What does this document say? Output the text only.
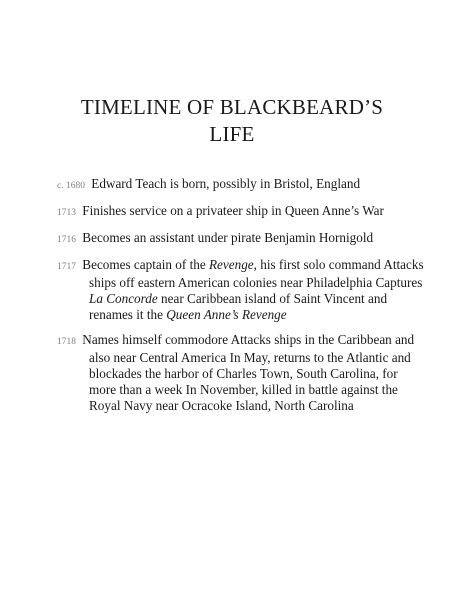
TIMELINE OF BLACKBEARD’S
LIFE
c. 1680 Edward Teach is born, possibly in Bristol, England
1713 Finishes service on a privateer ship in Queen Anne’s War
1716 Becomes an assistant under pirate Benjamin Hornigold
1717 Becomes captain of the Revenge, his first solo command Attacks ships off eastern American colonies near Philadelphia Captures La Concorde near Caribbean island of Saint Vincent and renames it the Queen Anne’s Revenge
1718 Names himself commodore Attacks ships in the Caribbean and also near Central America In May, returns to the Atlantic and blockades the harbor of Charles Town, South Carolina, for more than a week In November, killed in battle against the Royal Navy near Ocracoke Island, North Carolina
